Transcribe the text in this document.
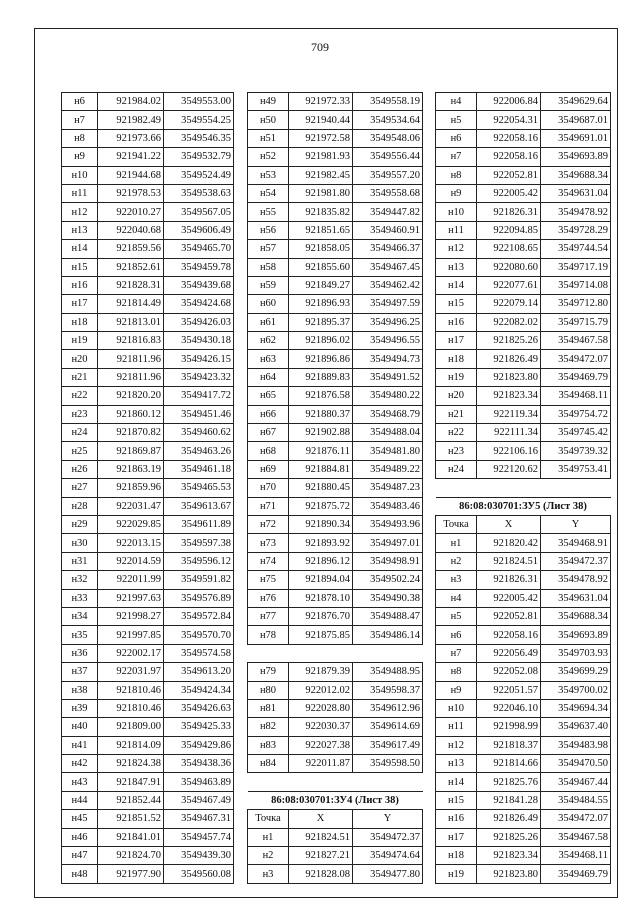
709
н6	921984.02	3549553.00
н7	921982.49	3549554.25
н8	921973.66	3549546.35
н9	921941.22	3549532.79
н10	921944.68	3549524.49
н11	921978.53	3549538.63
н12	922010.27	3549567.05
н13	922040.68	3549606.49
н14	921859.56	3549465.70
н15	921852.61	3549459.78
н16	921828.31	3549439.68
н17	921814.49	3549424.68
н18	921813.01	3549426.03
н19	921816.83	3549430.18
н20	921811.96	3549426.15
н21	921811.96	3549423.32
н22	921820.20	3549417.72
н23	921860.12	3549451.46
н24	921870.82	3549460.62
н25	921869.87	3549463.26
н26	921863.19	3549461.18
н27	921859.96	3549465.53
н28	922031.47	3549613.67
н29	922029.85	3549611.89
н30	922013.15	3549597.38
н31	922014.59	3549596.12
н32	922011.99	3549591.82
н33	921997.63	3549576.89
н34	921998.27	3549572.84
н35	921997.85	3549570.70
н36	922002.17	3549574.58
н37	922031.97	3549613.20
н38	921810.46	3549424.34
н39	921810.46	3549426.63
н40	921809.00	3549425.33
н41	921814.09	3549429.86
н42	921824.38	3549438.36
н43	921847.91	3549463.89
н44	921852.44	3549467.49
н45	921851.52	3549467.31
н46	921841.01	3549457.74
н47	921824.70	3549439.30
н48	921977.90	3549560.08
н49	921972.33	3549558.19
н50	921940.44	3549534.64
н51	921972.58	3549548.06
н52	921981.93	3549556.44
н53	921982.45	3549557.20
н54	921981.80	3549558.68
н55	921835.82	3549447.82
н56	921851.65	3549460.91
н57	921858.05	3549466.37
н58	921855.60	3549467.45
н59	921849.27	3549462.42
н60	921896.93	3549497.59
н61	921895.37	3549496.25
н62	921896.02	3549496.55
н63	921896.86	3549494.73
н64	921889.83	3549491.52
н65	921876.58	3549480.22
н66	921880.37	3549468.79
н67	921902.88	3549488.04
н68	921876.11	3549481.80
н69	921884.81	3549489.22
н70	921880.45	3549487.23
н71	921875.72	3549483.46
н72	921890.34	3549493.96
н73	921893.92	3549497.01
н74	921896.12	3549498.91
н75	921894.04	3549502.24
н76	921878.10	3549490.38
н77	921876.70	3549488.47
н78	921875.85	3549486.14

н79	921879.39	3549488.95
н80	922012.02	3549598.37
н81	922028.80	3549612.96
н82	922030.37	3549614.69
н83	922027.38	3549617.49
н84	922011.87	3549598.50

86:08:030701:ЗУ4 (Лист 38)		
Точка	X	Y
н1	921824.51	3549472.37
н2	921827.21	3549474.64
н3	921828.08	3549477.80
н4	922006.84	3549629.64
н5	922054.31	3549687.01
н6	922058.16	3549691.01
н7	922058.16	3549693.89
н8	922052.81	3549688.34
н9	922005.42	3549631.04
н10	921826.31	3549478.92
н11	922094.85	3549728.29
н12	922108.65	3549744.54
н13	922080.60	3549717.19
н14	922077.61	3549714.08
н15	922079.14	3549712.80
н16	922082.02	3549715.79
н17	921825.26	3549467.58
н18	921826.49	3549472.07
н19	921823.80	3549469.79
н20	921823.34	3549468.11
н21	922119.34	3549754.72
н22	922111.34	3549745.42
н23	922106.16	3549739.32
н24	922120.62	3549753.41

86:08:030701:ЗУ5 (Лист 38)		
Точка	X	Y
н1	921820.42	3549468.91
н2	921824.51	3549472.37
н3	921826.31	3549478.92
н4	922005.42	3549631.04
н5	922052.81	3549688.34
н6	922058.16	3549693.89
н7	922056.49	3549703.93
н8	922052.08	3549699.29
н9	922051.57	3549700.02
н10	922046.10	3549694.34
н11	921998.99	3549637.40
н12	921818.37	3549483.98
н13	921814.66	3549470.50
н14	921825.76	3549467.44
н15	921841.28	3549484.55
н16	921826.49	3549472.07
н17	921825.26	3549467.58
н18	921823.34	3549468.11
н19	921823.80	3549469.79
